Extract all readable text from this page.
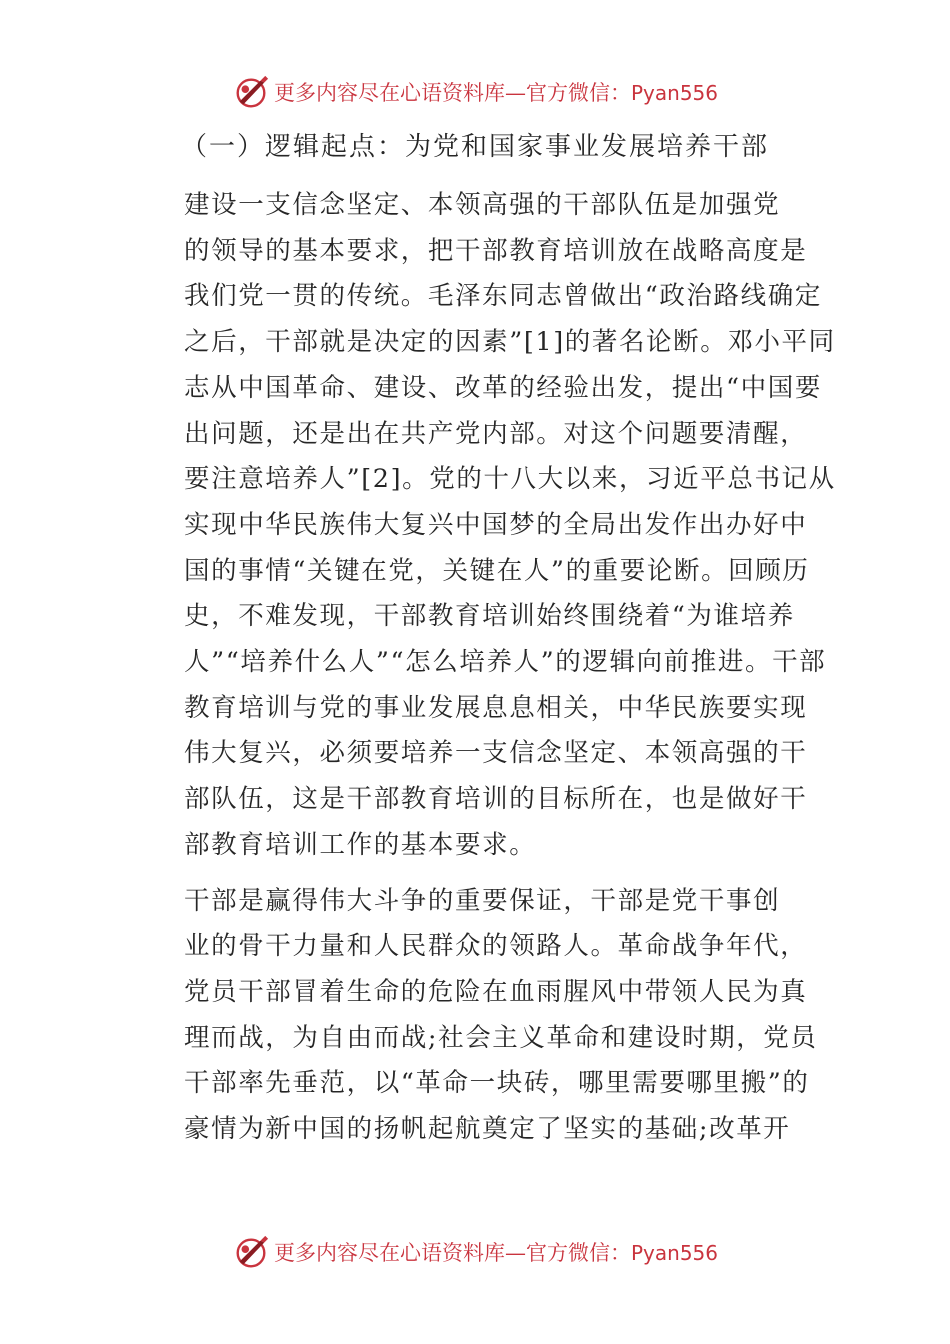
更多内容尽在心语资料库—官方微信：Pyan556
（一）逻辑起点：为党和国家事业发展培养干部

建设一支信念坚定、本领高强的干部队伍是加强党
的领导的基本要求，把干部教育培训放在战略高度是
我们党一贯的传统。毛泽东同志曾做出“政治路线确定
之后，干部就是决定的因素”[1]的著名论断。邓小平同
志从中国革命、建设、改革的经验出发，提出“中国要
出问题，还是出在共产党内部。对这个问题要清醒，
要注意培养人”[2]。党的十八大以来，习近平总书记从
实现中华民族伟大复兴中国梦的全局出发作出办好中
国的事情“关键在党，关键在人”的重要论断。回顾历
史，不难发现，干部教育培训始终围绕着“为谁培养
人”“培养什么人”“怎么培养人”的逻辑向前推进。干部
教育培训与党的事业发展息息相关，中华民族要实现
伟大复兴，必须要培养一支信念坚定、本领高强的干
部队伍，这是干部教育培训的目标所在，也是做好干
部教育培训工作的基本要求。

干部是赢得伟大斗争的重要保证，干部是党干事创
业的骨干力量和人民群众的领路人。革命战争年代，
党员干部冒着生命的危险在血雨腥风中带领人民为真
理而战，为自由而战;社会主义革命和建设时期，党员
干部率先垂范，以“革命一块砖，哪里需要哪里搬”的
豪情为新中国的扬帆起航奠定了坚实的基础;改革开

更多内容尽在心语资料库—官方微信：Pyan556
